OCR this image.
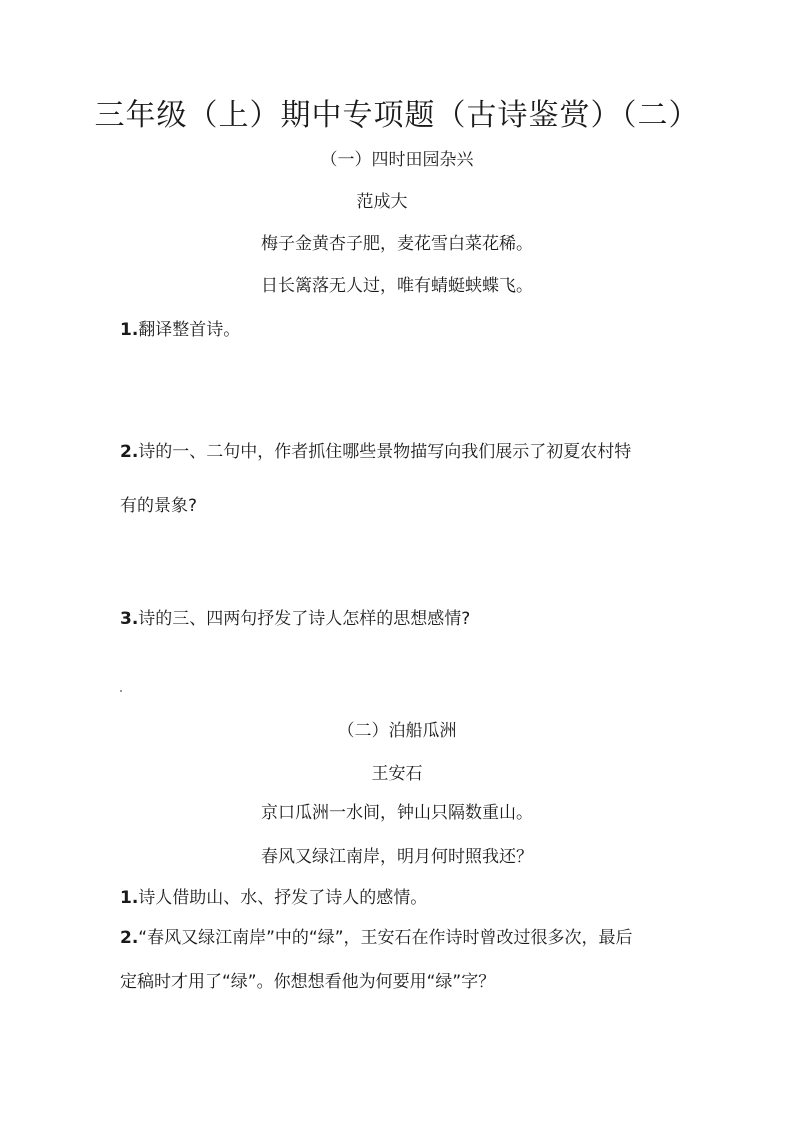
三年级（上）期中专项题（古诗鉴赏）（二）
（一）四时田园杂兴
范成大
梅子金黄杏子肥，麦花雪白菜花稀。
日长篱落无人过，唯有蜻蜓蛱蝶飞。
1.翻译整首诗。
2.诗的一、二句中，作者抓住哪些景物描写向我们展示了初夏农村特
有的景象?
3.诗的三、四两句抒发了诗人怎样的思想感情?
（二）泊船瓜洲
王安石
京口瓜洲一水间，钟山只隔数重山。
春风又绿江南岸，明月何时照我还？
1.诗人借助山、水、抒发了诗人的感情。
2.“春风又绿江南岸”中的“绿”，王安石在作诗时曾改过很多次，最后
定稿时才用了“绿”。你想想看他为何要用“绿”字？
